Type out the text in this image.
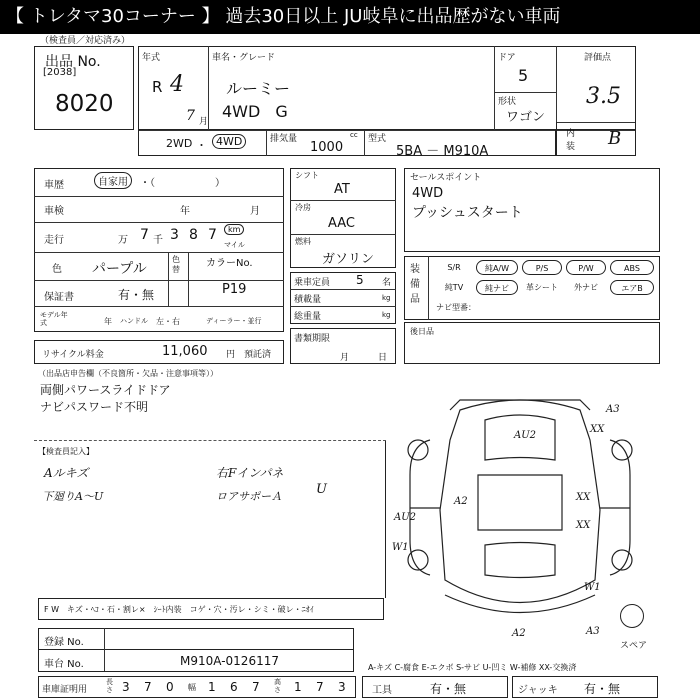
【 トレタマ30コーナー 】 過去30日以上 JU岐阜に出品歴がない車両
（検査員／対応済み）
出品 No.
[2038]
8020
年式
R 4
7 月
車名・グレード
ルーミー
4WD G
ドア
5
形状
ワゴン
評価点
3.5
内装 B
2WD ・ 4WD	排気量	cc
1000
型式
5BA － M910A
車歴	自家用	・（　　　　　　）
車検	年	月
走行	万 7 千 3 8 7	km
マイル
色 パープル
色替
カラーNo.
P19
保証書	有・無
モデル年式	年 ハンドル 左・右	ディーラー・並行
リサイクル料金	11,060 円 預託済
シフト
AT
冷房
AAC
燃料
ガソリン
乗車定員 5 名
積載量	kg
総重量	kg
書類期限
月	日
セールスポイント
4WD
プッシュスタート
装備品
S/R	純A/W	P/S	P/W	ABS
純TV	純ナビ	革シート	外ナビ	エアB
ナビ型番：
後日品
（出品店申告欄（不良箇所・欠品・注意事項等））
両側パワースライドドア
ナビパスワード不明
【検査員記入】
Aルキズ
下廻りA～U
右Fインパネ
ロアサポーＡ	U
スペア
A3
XX
AU2
A2	XX
XX
AU2
W1
W1
A2	A3
F W　キズ・ﾍｺ・石・割レ×　ｼｰﾄ内装　コゲ・穴・汚レ・シミ・破レ・ﾆｵｲ
登録 No.
車台 No.	M910A-0126117	A-キズ C-腐食 E-エクボ S-サビ U-凹ミ W-補修 XX-交換済
車庫証明用
長さ 3 7 0 幅 1 6 7 高さ 1 7 3	工具	有・無	ジャッキ 有・無
